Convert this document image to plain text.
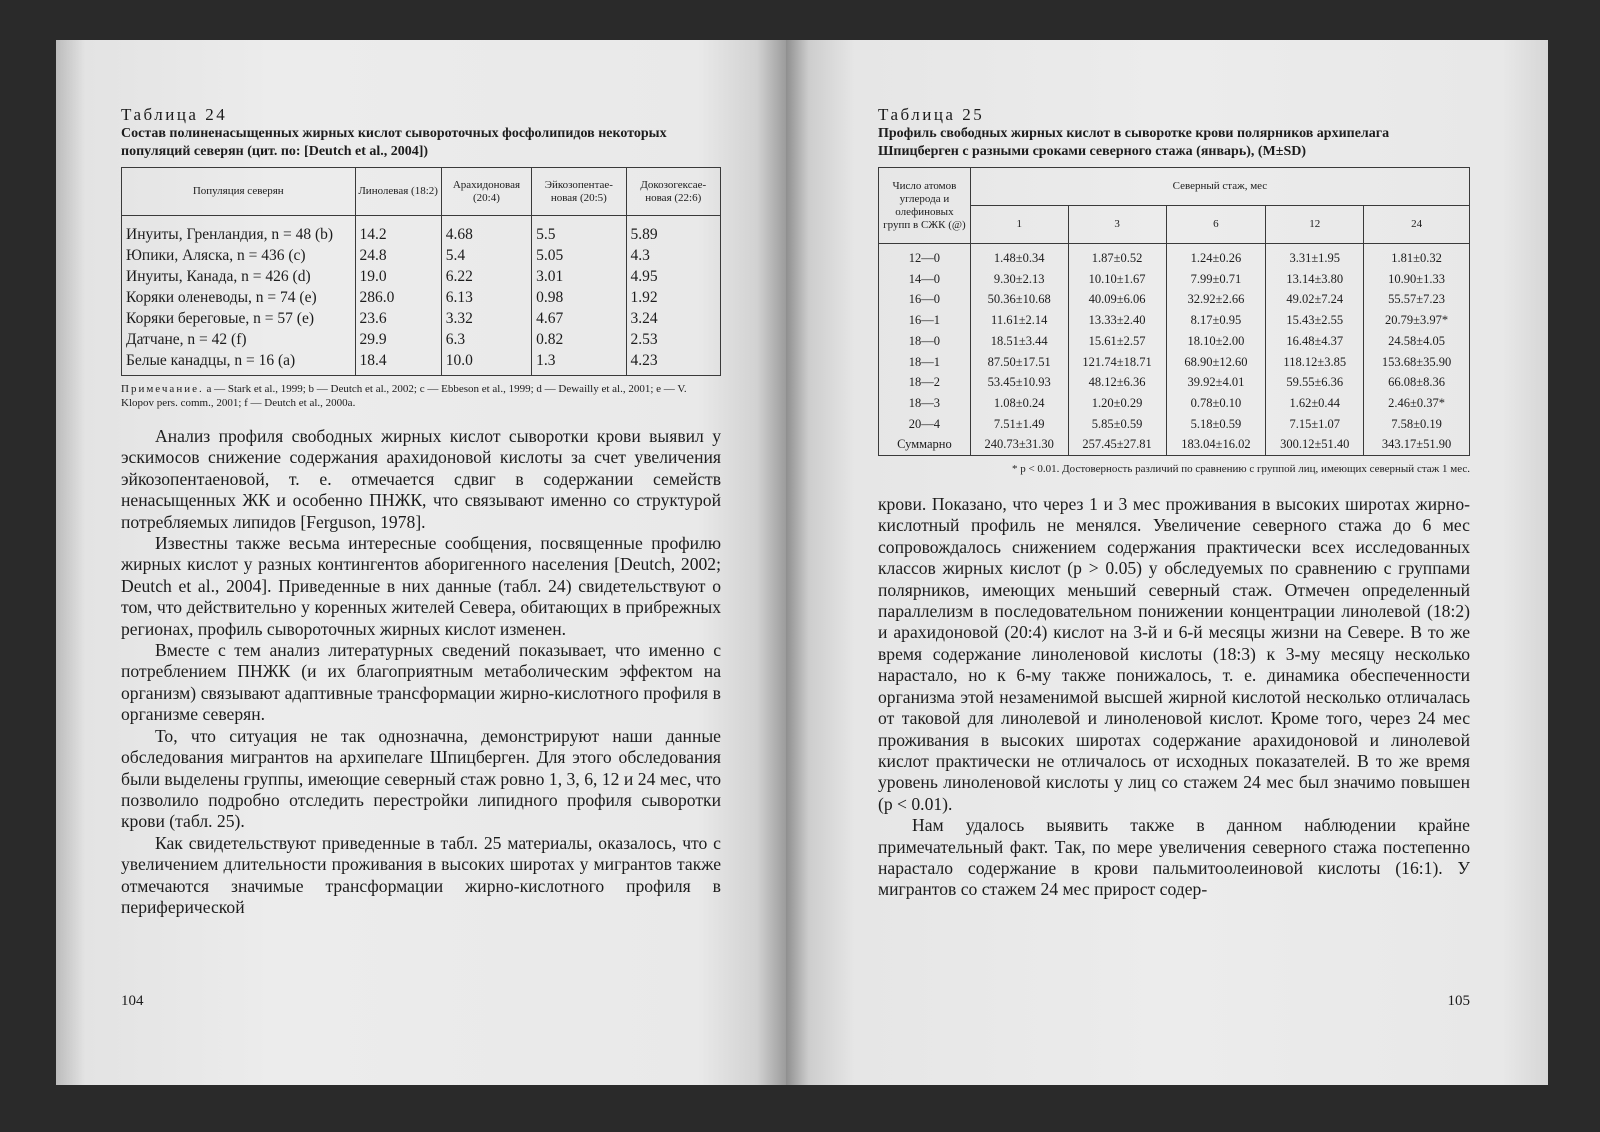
Таблица 24
Состав полиненасыщенных жирных кислот сывороточных фосфолипидов некоторых популяций северян (цит. по: [Deutch et al., 2004])
Популяция северян	Линолевая (18:2)	Арахидоновая (20:4)	Эйкозопентае-новая (20:5)	Докозогексае-новая (22:6)
Инуиты, Гренландия, n = 48 (b)	14.2	4.68	5.5	5.89
Юпики, Аляска, n = 436 (c)	24.8	5.4	5.05	4.3
Инуиты, Канада, n = 426 (d)	19.0	6.22	3.01	4.95
Коряки оленеводы, n = 74 (e)	286.0	6.13	0.98	1.92
Коряки береговые, n = 57 (e)	23.6	3.32	4.67	3.24
Датчане, n = 42 (f)	29.9	6.3	0.82	2.53
Белые канадцы, n = 16 (a)	18.4	10.0	1.3	4.23
Примечание. a — Stark et al., 1999; b — Deutch et al., 2002; c — Ebbeson et al., 1999; d — Dewailly et al., 2001; e — V. Klopov pers. comm., 2001; f — Deutch et al., 2000a.

Анализ профиля свободных жирных кислот сыворотки крови выявил у эскимосов снижение содержания арахидоновой кислоты за счет увеличения эйкозопентаеновой, т. е. отмечается сдвиг в содержании семейств ненасыщенных ЖК и особенно ПНЖК, что связывают именно со структурой потребляемых липидов [Ferguson, 1978].

Известны также весьма интересные сообщения, посвященные профилю жирных кислот у разных контингентов аборигенного населения [Deutch, 2002; Deutch et al., 2004]. Приведенные в них данные (табл. 24) свидетельствуют о том, что действительно у коренных жителей Севера, обитающих в прибрежных регионах, профиль сывороточных жирных кислот изменен.

Вместе с тем анализ литературных сведений показывает, что именно с потреблением ПНЖК (и их благоприятным метаболическим эффектом на организм) связывают адаптивные трансформации жирно-кислотного профиля в организме северян.

То, что ситуация не так однозначна, демонстрируют наши данные обследования мигрантов на архипелаге Шпицберген. Для этого обследования были выделены группы, имеющие северный стаж ровно 1, 3, 6, 12 и 24 мес, что позволило подробно отследить перестройки липидного профиля сыворотки крови (табл. 25).

Как свидетельствуют приведенные в табл. 25 материалы, оказалось, что с увеличением длительности проживания в высоких широтах у мигрантов также отмечаются значимые трансформации жирно-кислотного профиля в периферической

104
Таблица 25
Профиль свободных жирных кислот в сыворотке крови полярников архипелага Шпицберген с разными сроками северного стажа (январь), (M±SD)
Число атомов углерода и олефиновых групп в СЖК (@)	Северный стаж, мес				
	1	3	6	12	24
12—0	1.48±0.34	1.87±0.52	1.24±0.26	3.31±1.95	1.81±0.32
14—0	9.30±2.13	10.10±1.67	7.99±0.71	13.14±3.80	10.90±1.33
16—0	50.36±10.68	40.09±6.06	32.92±2.66	49.02±7.24	55.57±7.23
16—1	11.61±2.14	13.33±2.40	8.17±0.95	15.43±2.55	20.79±3.97*
18—0	18.51±3.44	15.61±2.57	18.10±2.00	16.48±4.37	24.58±4.05
18—1	87.50±17.51	121.74±18.71	68.90±12.60	118.12±3.85	153.68±35.90
18—2	53.45±10.93	48.12±6.36	39.92±4.01	59.55±6.36	66.08±8.36
18—3	1.08±0.24	1.20±0.29	0.78±0.10	1.62±0.44	2.46±0.37*
20—4	7.51±1.49	5.85±0.59	5.18±0.59	7.15±1.07	7.58±0.19
Суммарно	240.73±31.30	257.45±27.81	183.04±16.02	300.12±51.40	343.17±51.90
* p < 0.01. Достоверность различий по сравнению с группой лиц, имеющих северный стаж 1 мес.

крови. Показано, что через 1 и 3 мес проживания в высоких широтах жирно-кислотный профиль не менялся. Увеличение северного стажа до 6 мес сопровождалось снижением содержания практически всех исследованных классов жирных кислот (p > 0.05) у обследуемых по сравнению с группами полярников, имеющих меньший северный стаж. Отмечен определенный параллелизм в последовательном понижении концентрации линолевой (18:2) и арахидоновой (20:4) кислот на 3-й и 6-й месяцы жизни на Севере. В то же время содержание линоленовой кислоты (18:3) к 3-му месяцу несколько нарастало, но к 6-му также понижалось, т. е. динамика обеспеченности организма этой незаменимой высшей жирной кислотой несколько отличалась от таковой для линолевой и линоленовой кислот. Кроме того, через 24 мес проживания в высоких широтах содержание арахидоновой и линолевой кислот практически не отличалось от исходных показателей. В то же время уровень линоленовой кислоты у лиц со стажем 24 мес был значимо повышен (p < 0.01).

Нам удалось выявить также в данном наблюдении крайне примечательный факт. Так, по мере увеличения северного стажа постепенно нарастало содержание в крови пальмитоолеиновой кислоты (16:1). У мигрантов со стажем 24 мес прирост содер-

105
